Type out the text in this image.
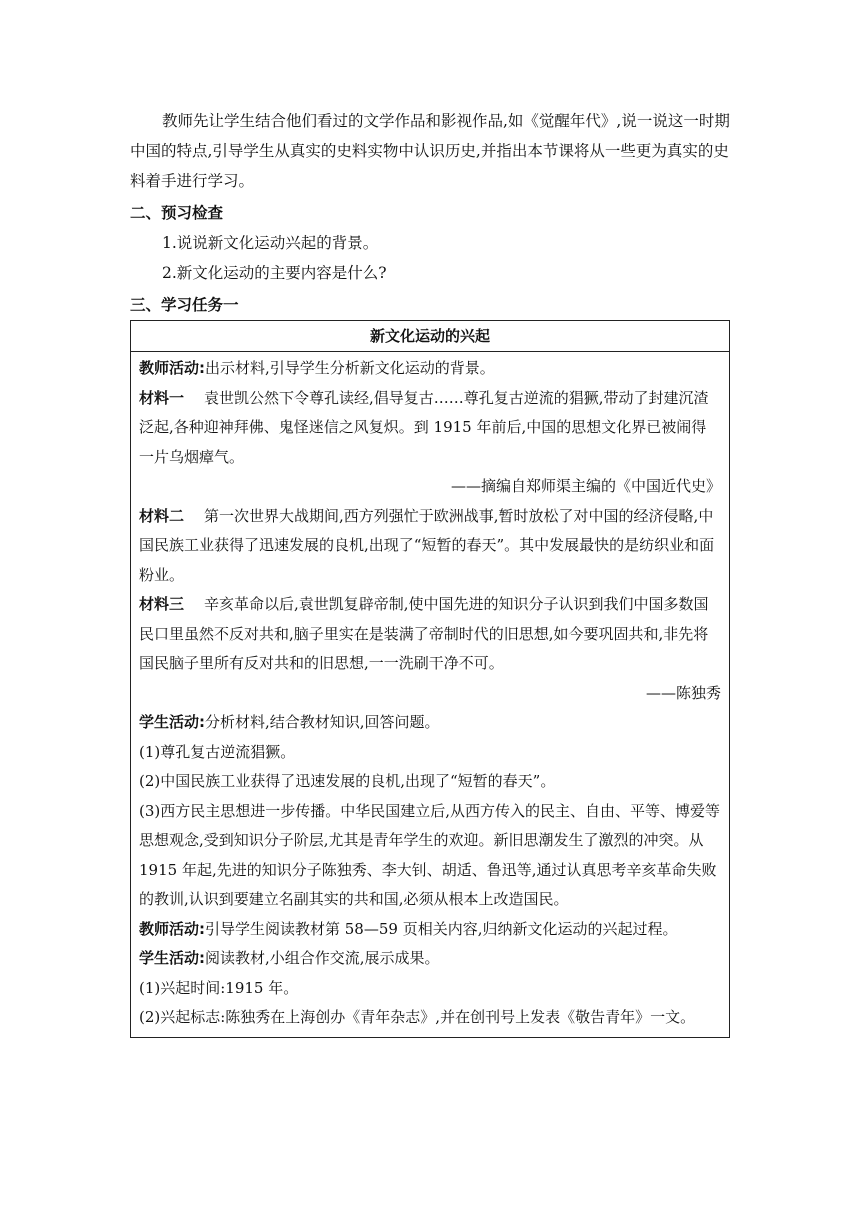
教师先让学生结合他们看过的文学作品和影视作品,如《觉醒年代》,说一说这一时期中国的特点,引导学生从真实的史料实物中认识历史,并指出本节课将从一些更为真实的史料着手进行学习。

二、预习检查

1.说说新文化运动兴起的背景。

2.新文化运动的主要内容是什么?

三、学习任务一
新文化运动的兴起

教师活动:出示材料,引导学生分析新文化运动的背景。

材料一 袁世凯公然下令尊孔读经,倡导复古……尊孔复古逆流的猖獗,带动了封建沉渣泛起,各种迎神拜佛、鬼怪迷信之风复炽。到 1915 年前后,中国的思想文化界已被闹得一片乌烟瘴气。

——摘编自郑师渠主编的《中国近代史》

材料二 第一次世界大战期间,西方列强忙于欧洲战事,暂时放松了对中国的经济侵略,中国民族工业获得了迅速发展的良机,出现了“短暂的春天”。其中发展最快的是纺织业和面粉业。

材料三 辛亥革命以后,袁世凯复辟帝制,使中国先进的知识分子认识到我们中国多数国民口里虽然不反对共和,脑子里实在是装满了帝制时代的旧思想,如今要巩固共和,非先将国民脑子里所有反对共和的旧思想,一一洗刷干净不可。

——陈独秀

学生活动:分析材料,结合教材知识,回答问题。

(1)尊孔复古逆流猖獗。

(2)中国民族工业获得了迅速发展的良机,出现了“短暂的春天”。

(3)西方民主思想进一步传播。中华民国建立后,从西方传入的民主、自由、平等、博爱等思想观念,受到知识分子阶层,尤其是青年学生的欢迎。新旧思潮发生了激烈的冲突。从 1915 年起,先进的知识分子陈独秀、李大钊、胡适、鲁迅等,通过认真思考辛亥革命失败的教训,认识到要建立名副其实的共和国,必须从根本上改造国民。

教师活动:引导学生阅读教材第 58—59 页相关内容,归纳新文化运动的兴起过程。

学生活动:阅读教材,小组合作交流,展示成果。

(1)兴起时间:1915 年。

(2)兴起标志:陈独秀在上海创办《青年杂志》,并在创刊号上发表《敬告青年》一文。
